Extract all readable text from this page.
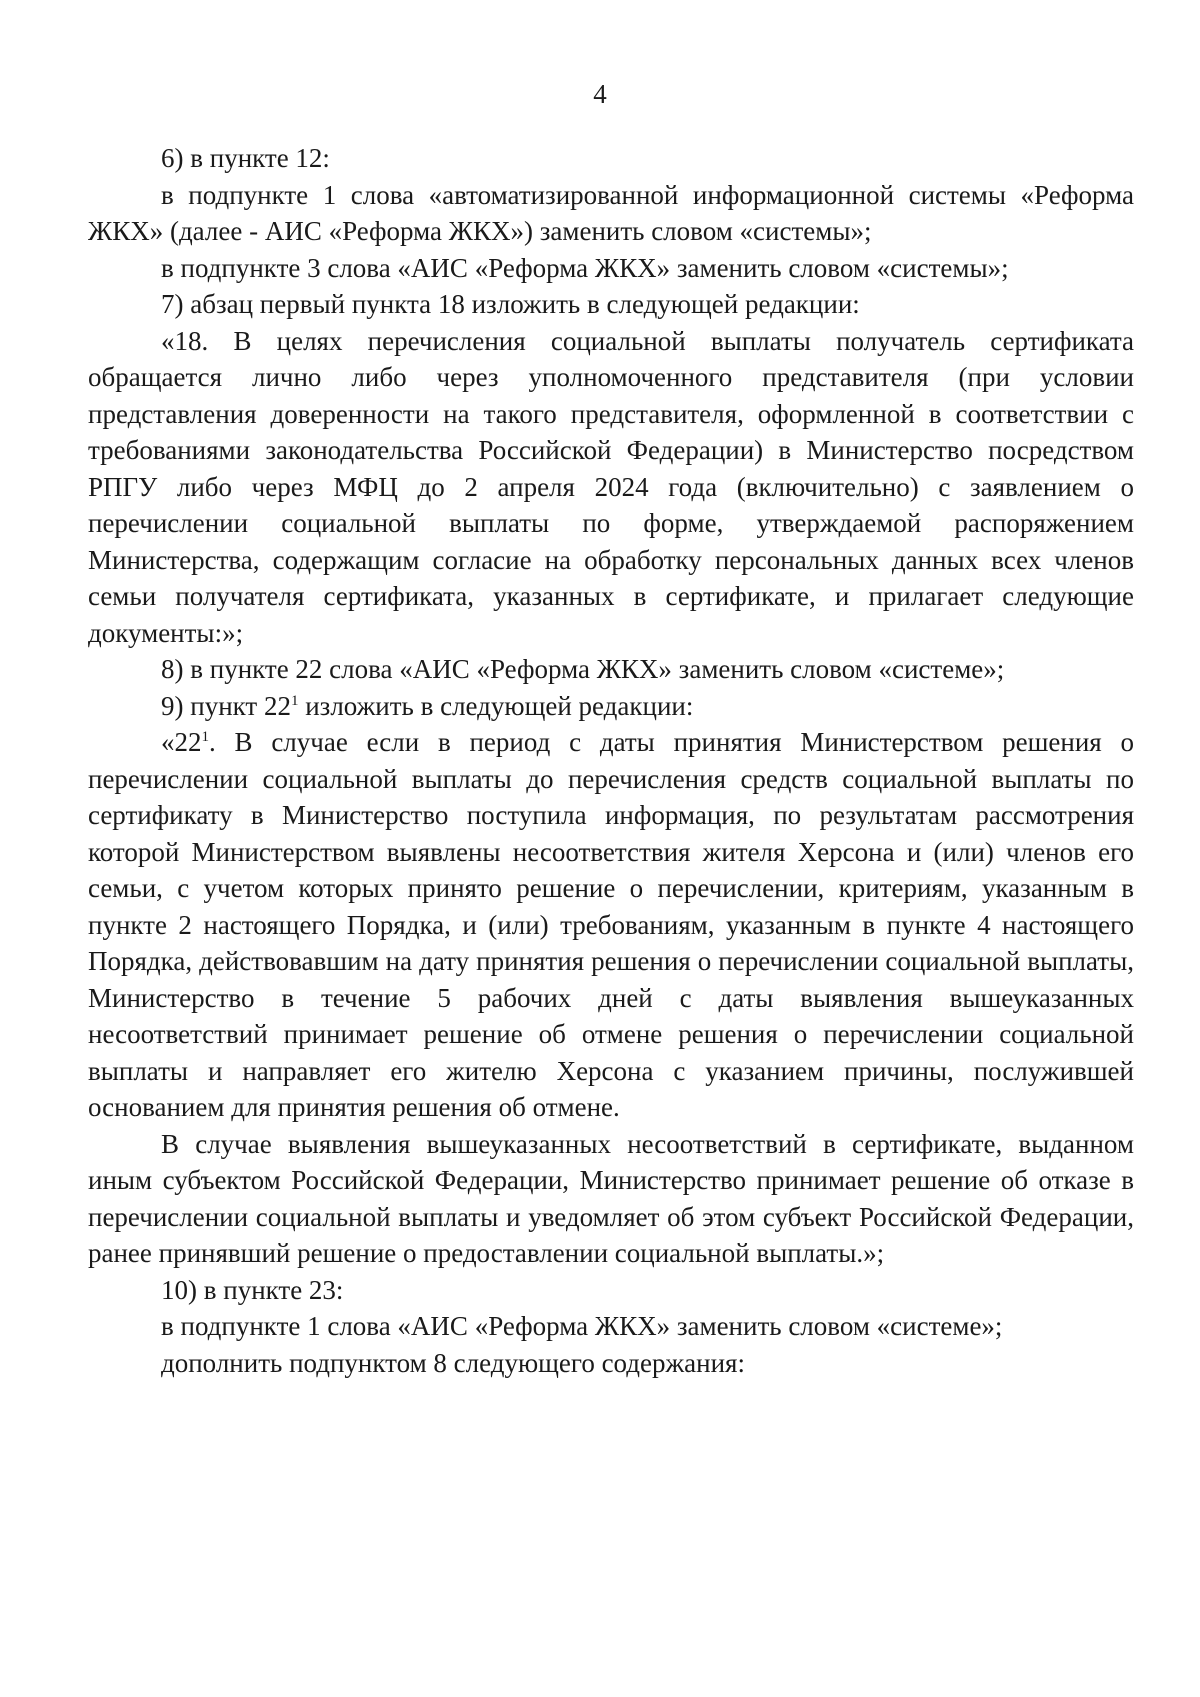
4

6) в пункте 12:

в подпункте 1 слова «автоматизированной информационной системы «Реформа ЖКХ» (далее - АИС «Реформа ЖКХ») заменить словом «системы»;

в подпункте 3 слова «АИС «Реформа ЖКХ» заменить словом «системы»;

7) абзац первый пункта 18 изложить в следующей редакции:

«18. В целях перечисления социальной выплаты получатель сертификата обращается лично либо через уполномоченного представителя (при условии представления доверенности на такого представителя, оформленной в соответствии с требованиями законодательства Российской Федерации) в Министерство посредством РПГУ либо через МФЦ до 2 апреля 2024 года (включительно) с заявлением о перечислении социальной выплаты по форме, утверждаемой распоряжением Министерства, содержащим согласие на обработку персональных данных всех членов семьи получателя сертификата, указанных в сертификате, и прилагает следующие документы:»;

8) в пункте 22 слова «АИС «Реформа ЖКХ» заменить словом «системе»;

9) пункт $22^1$ изложить в следующей редакции:

«$22^1$. В случае если в период с даты принятия Министерством решения о перечислении социальной выплаты до перечисления средств социальной выплаты по сертификату в Министерство поступила информация, по результатам рассмотрения которой Министерством выявлены несоответствия жителя Херсона и (или) членов его семьи, с учетом которых принято решение о перечислении, критериям, указанным в пункте 2 настоящего Порядка, и (или) требованиям, указанным в пункте 4 настоящего Порядка, действовавшим на дату принятия решения о перечислении социальной выплаты, Министерство в течение 5 рабочих дней с даты выявления вышеуказанных несоответствий принимает решение об отмене решения о перечислении социальной выплаты и направляет его жителю Херсона с указанием причины, послужившей основанием для принятия решения об отмене.

В случае выявления вышеуказанных несоответствий в сертификате, выданном иным субъектом Российской Федерации, Министерство принимает решение об отказе в перечислении социальной выплаты и уведомляет об этом субъект Российской Федерации, ранее принявший решение о предоставлении социальной выплаты.»;

10) в пункте 23:

в подпункте 1 слова «АИС «Реформа ЖКХ» заменить словом «системе»;

дополнить подпунктом 8 следующего содержания:
